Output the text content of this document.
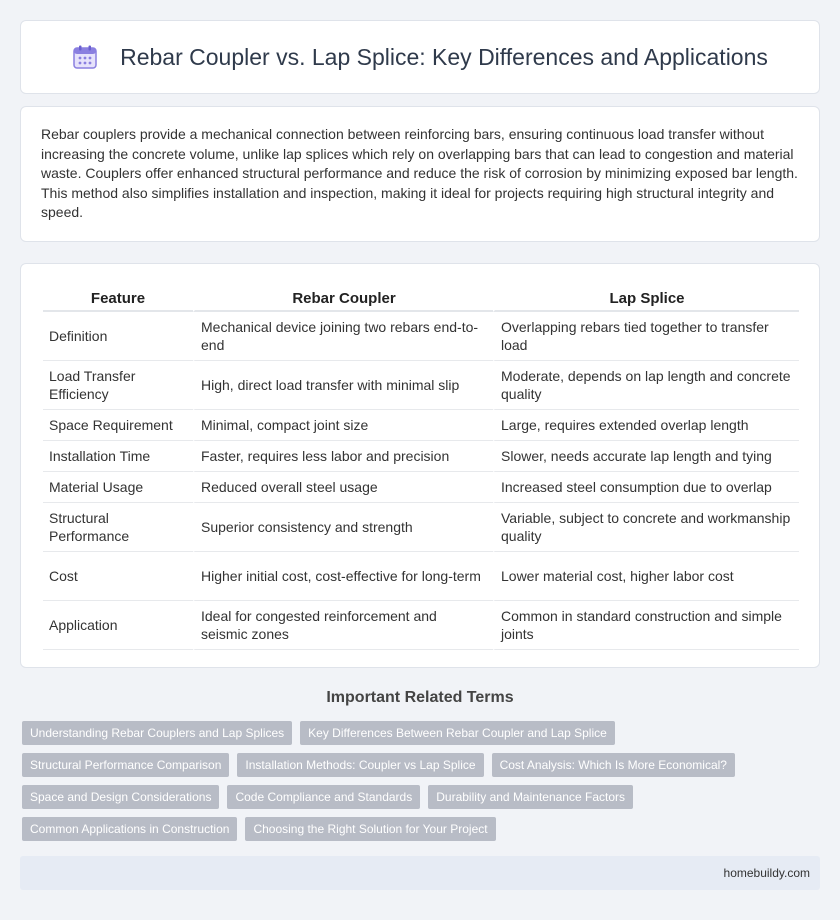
Rebar Coupler vs. Lap Splice: Key Differences and Applications

Rebar couplers provide a mechanical connection between reinforcing bars, ensuring continuous load transfer without increasing the concrete volume, unlike lap splices which rely on overlapping bars that can lead to congestion and material waste. Couplers offer enhanced structural performance and reduce the risk of corrosion by minimizing exposed bar length. This method also simplifies installation and inspection, making it ideal for projects requiring high structural integrity and speed.

Feature	Rebar Coupler	Lap Splice
Definition	Mechanical device joining two rebars end-to-end	Overlapping rebars tied together to transfer load
Load Transfer Efficiency	High, direct load transfer with minimal slip	Moderate, depends on lap length and concrete quality
Space Requirement	Minimal, compact joint size	Large, requires extended overlap length
Installation Time	Faster, requires less labor and precision	Slower, needs accurate lap length and tying
Material Usage	Reduced overall steel usage	Increased steel consumption due to overlap
Structural Performance	Superior consistency and strength	Variable, subject to concrete and workmanship quality
Cost	Higher initial cost, cost-effective for long-term	Lower material cost, higher labor cost
Application	Ideal for congested reinforcement and seismic zones	Common in standard construction and simple joints
Important Related Terms
Understanding Rebar Couplers and Lap Splices	Key Differences Between Rebar Coupler and Lap Splice
Structural Performance Comparison	Installation Methods: Coupler vs Lap Splice	Cost Analysis: Which Is More Economical?
Space and Design Considerations	Code Compliance and Standards	Durability and Maintenance Factors
Common Applications in Construction	Choosing the Right Solution for Your Project
homebuildy.com
